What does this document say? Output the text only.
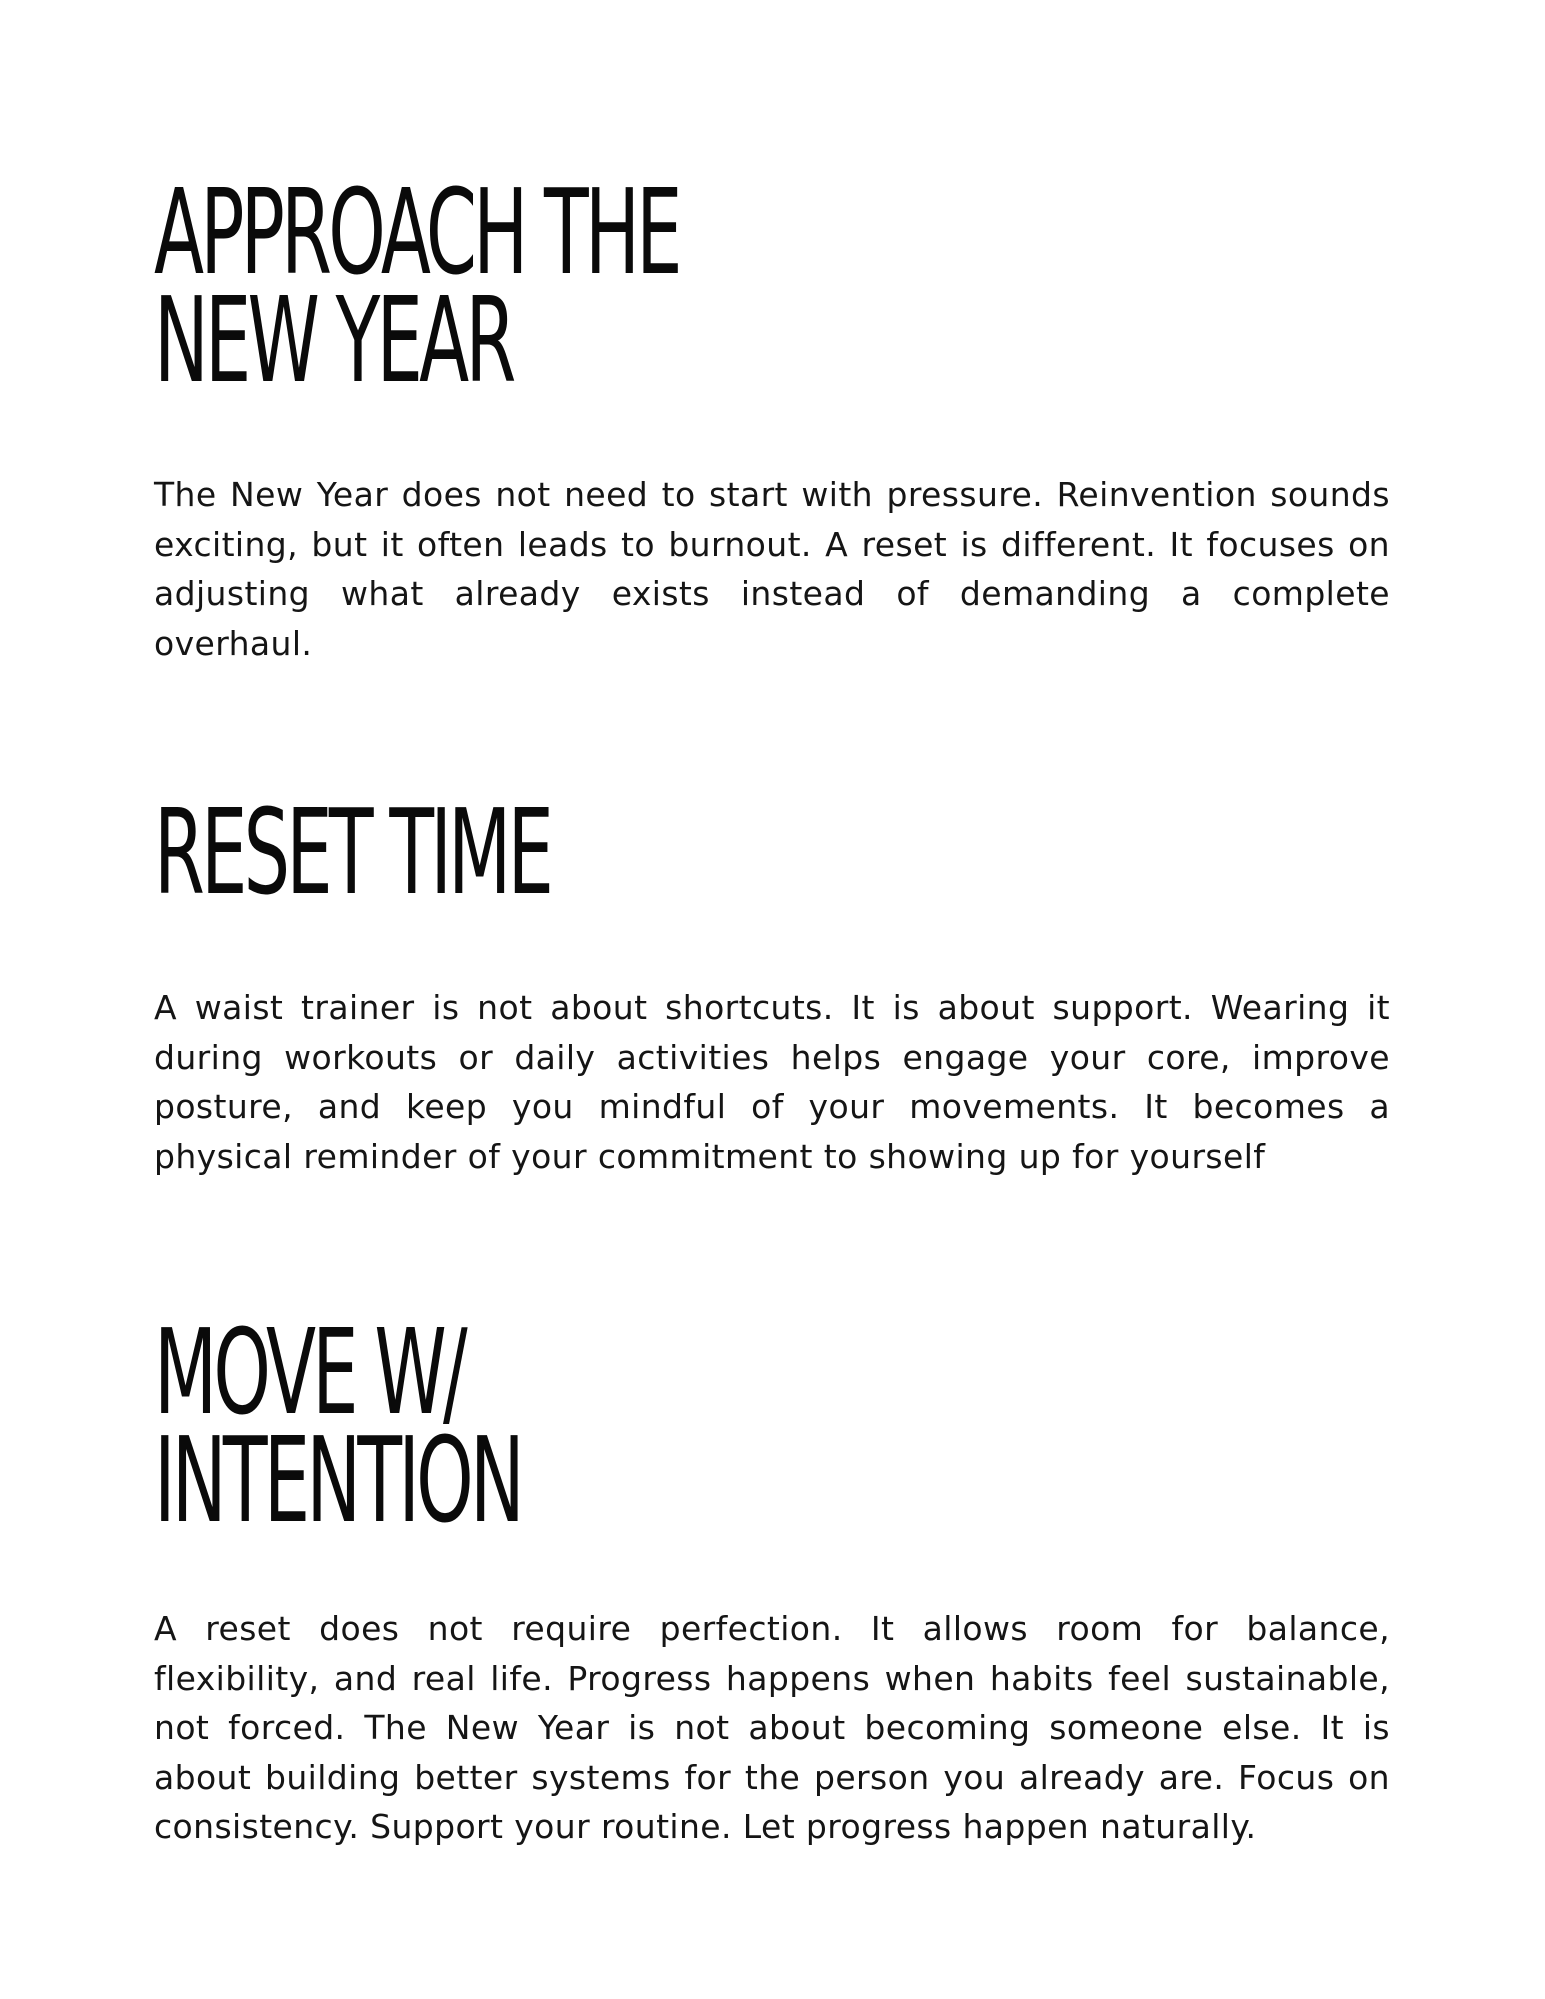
APPROACH THE
NEW YEAR

The New Year does not need to start with pressure. Reinvention sounds exciting, but it often leads to burnout. A reset is different. It focuses on adjusting what already exists instead of demanding a complete overhaul.

RESET TIME

A waist trainer is not about shortcuts. It is about support. Wearing it during workouts or daily activities helps engage your core, improve posture, and keep you mindful of your movements. It becomes a physical reminder of your commitment to showing up for yourself

MOVE W/
INTENTION

A reset does not require perfection. It allows room for balance, flexibility, and real life. Progress happens when habits feel sustainable, not forced. The New Year is not about becoming someone else. It is about building better systems for the person you already are. Focus on consistency. Support your routine. Let progress happen naturally.
